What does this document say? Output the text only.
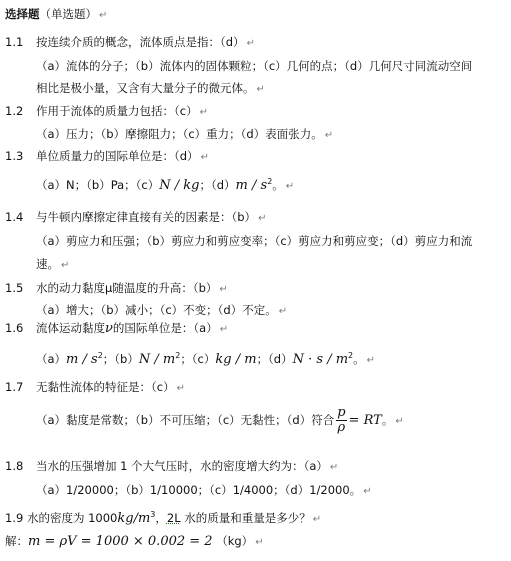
选择题（单选题） ↵
1.1 按连续介质的概念，流体质点是指：（d） ↵
（a）流体的分子；（b）流体内的固体颗粒；（c）几何的点；（d）几何尺寸同流动空间
相比是极小量，又含有大量分子的微元体。 ↵
1.2 作用于流体的质量力包括：（c） ↵
（a）压力；（b）摩擦阻力；（c）重力；（d）表面张力。 ↵
1.3 单位质量力的国际单位是：（d） ↵
（a）N；（b）Pa；（c）N / kg；$(d)m / s^2$。 ↵
1.4 与牛顿内摩擦定律直接有关的因素是：（b） ↵
（a）剪应力和压强；（b）剪应力和剪应变率；（c）剪应力和剪应变；（d）剪应力和流
速。 ↵
1.5 水的动力黏度μ随温度的升高：（b） ↵
（a）增大；（b）减小；（c）不变；（d）不定。 ↵
1.6 流体运动黏度ν的国际单位是：（a） ↵
$(a)m / s^2$；$(b)N / m^2$；（c）kg / m；$(d)N \cdot s / m^2$。 ↵
1.7 无黏性流体的特征是：（c） ↵
（a）黏度是常数；（b）不可压缩；（c）无黏性；（d）符合 $\frac{p}{\rho}$ = RT。 ↵
1.8 当水的压强增加 1 个大气压时，水的密度增大约为：（a） ↵
（a）1/20000；（b）1/10000；（c）1/4000；（d）1/2000。 ↵
1.9 水的密度为 $1000kg/m^3$，2L 水的质量和重量是多少？ ↵
解：m = ρV = 1000 × 0.002 = 2 （kg） ↵
